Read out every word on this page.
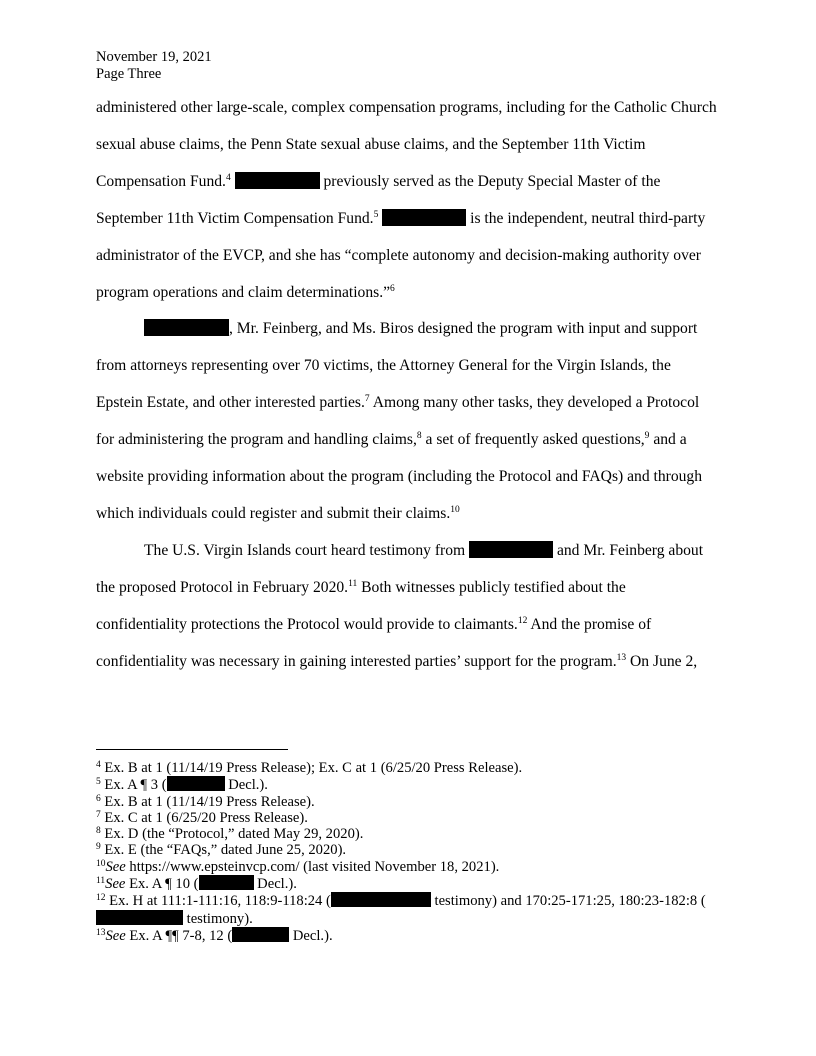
November 19, 2021
Page Three

administered other large-scale, complex compensation programs, including for the Catholic Church sexual abuse claims, the Penn State sexual abuse claims, and the September 11th Victim Compensation Fund.$^4$	previously served as the Deputy Special Master of the September 11th Victim Compensation Fund.$^5$	is the independent, neutral third-party administrator of the EVCP, and she has “complete autonomy and decision-making authority over program operations and claim determinations.”$^6$

, Mr. Feinberg, and Ms. Biros designed the program with input and support from attorneys representing over 70 victims, the Attorney General for the Virgin Islands, the Epstein Estate, and other interested parties.$^7$ Among many other tasks, they developed a Protocol for administering the program and handling claims,$^8$ a set of frequently asked questions,$^9$ and a website providing information about the program (including the Protocol and FAQs) and through which individuals could register and submit their claims.$^{10}$

The U.S. Virgin Islands court heard testimony from	and Mr. Feinberg about the proposed Protocol in February 2020.11 Both witnesses publicly testified about the confidentiality protections the Protocol would provide to claimants.$^{12}$ And the promise of confidentiality was necessary in gaining interested parties’ support for the program.$^{13}$ On June 2,

$^4$ Ex. B at 1 (11/14/19 Press Release); Ex. C at 1 (6/25/20 Press Release).

$^5$ Ex. A ¶ 3 (	Decl.).

$^6$ Ex. B at 1 (11/14/19 Press Release).

$^7$ Ex. C at 1 (6/25/20 Press Release).

$^8$ Ex. D (the “Protocol,” dated May 29, 2020).

$^9$ Ex. E (the “FAQs,” dated June 25, 2020).

$^{10}$See https://www.epsteinvcp.com/ (last visited November 18, 2021).

$^{11}$See Ex. A ¶ 10 (	Decl.).

$^{12}$ Ex. H at 111:1-111:16, 118:9-118:24 (	testimony) and 170:25-171:25, 180:23-182:8 ( testimony).

$^{13}$See Ex. A ¶¶ 7-8, 12 (	Decl.).
